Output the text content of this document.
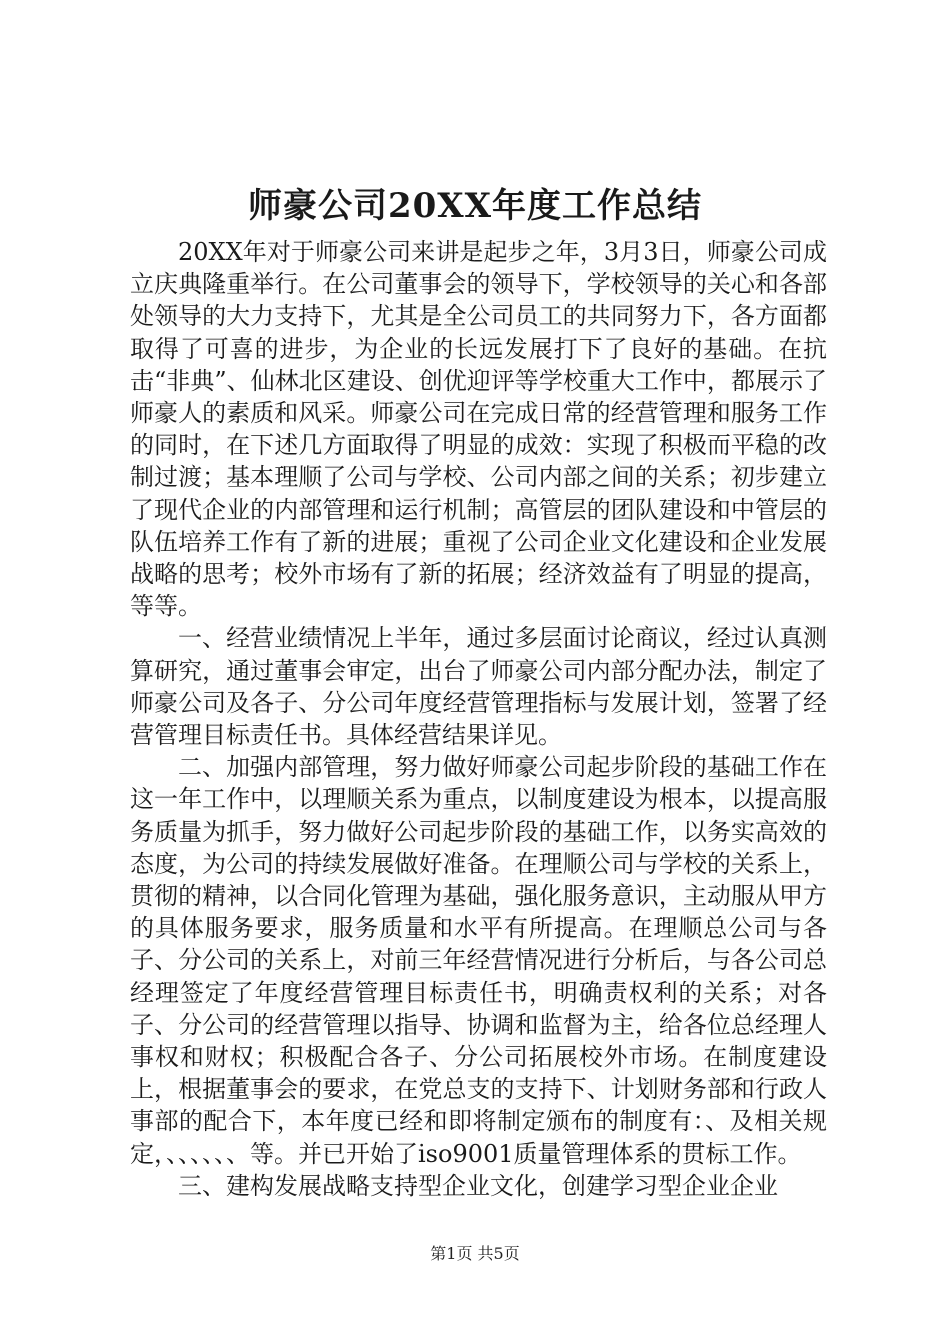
师豪公司20XX年度工作总结

20XX年对于师豪公司来讲是起步之年，3月3日，师豪公司成立庆典隆重举行。在公司董事会的领导下，学校领导的关心和各部处领导的大力支持下，尤其是全公司员工的共同努力下，各方面都取得了可喜的进步，为企业的长远发展打下了良好的基础。在抗击“非典”、仙林北区建设、创优迎评等学校重大工作中，都展示了师豪人的素质和风采。师豪公司在完成日常的经营管理和服务工作的同时，在下述几方面取得了明显的成效：实现了积极而平稳的改制过渡；基本理顺了公司与学校、公司内部之间的关系；初步建立了现代企业的内部管理和运行机制；高管层的团队建设和中管层的队伍培养工作有了新的进展；重视了公司企业文化建设和企业发展战略的思考；校外市场有了新的拓展；经济效益有了明显的提高，等等。

一、经营业绩情况上半年，通过多层面讨论商议，经过认真测算研究，通过董事会审定，出台了师豪公司内部分配办法，制定了师豪公司及各子、分公司年度经营管理指标与发展计划，签署了经营管理目标责任书。具体经营结果详见。

二、加强内部管理，努力做好师豪公司起步阶段的基础工作在这一年工作中，以理顺关系为重点，以制度建设为根本，以提高服务质量为抓手，努力做好公司起步阶段的基础工作，以务实高效的态度，为公司的持续发展做好准备。在理顺公司与学校的关系上，贯彻的精神，以合同化管理为基础，强化服务意识，主动服从甲方的具体服务要求，服务质量和水平有所提高。在理顺总公司与各子、分公司的关系上，对前三年经营情况进行分析后，与各公司总经理签定了年度经营管理目标责任书，明确责权利的关系；对各子、分公司的经营管理以指导、协调和监督为主，给各位总经理人事权和财权；积极配合各子、分公司拓展校外市场。在制度建设上，根据董事会的要求，在党总支的支持下、计划财务部和行政人事部的配合下，本年度已经和即将制定颁布的制度有：、及相关规定，、、、、、、等。并已开始了iso9001质量管理体系的贯标工作。

三、建构发展战略支持型企业文化，创建学习型企业企业

第1页 共5页
